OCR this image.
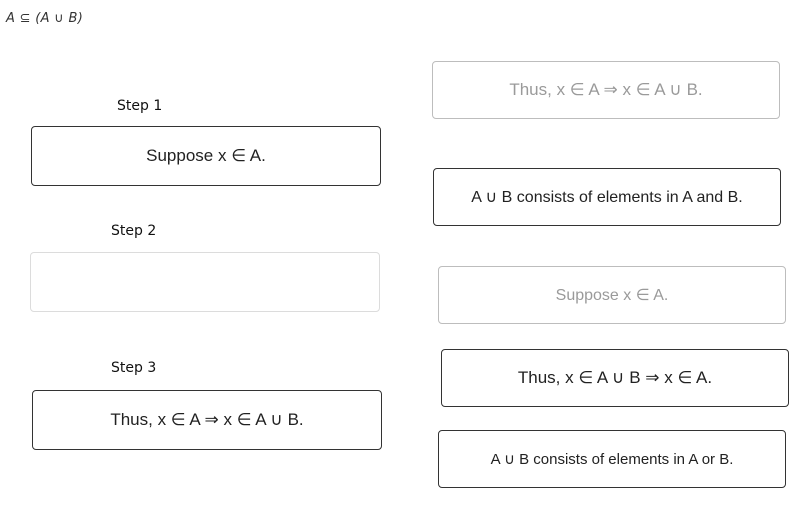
A ⊆ (A ∪ B)
Step 1
Suppose x ∈ A.
Step 2
Step 3
Thus, x ∈ A ⇒ x ∈ A ∪ B.
Thus, x ∈ A ⇒ x ∈ A ∪ B.
A ∪ B consists of elements in A and B.
Suppose x ∈ A.
Thus, x ∈ A ∪ B ⇒ x ∈ A.
A ∪ B consists of elements in A or B.
